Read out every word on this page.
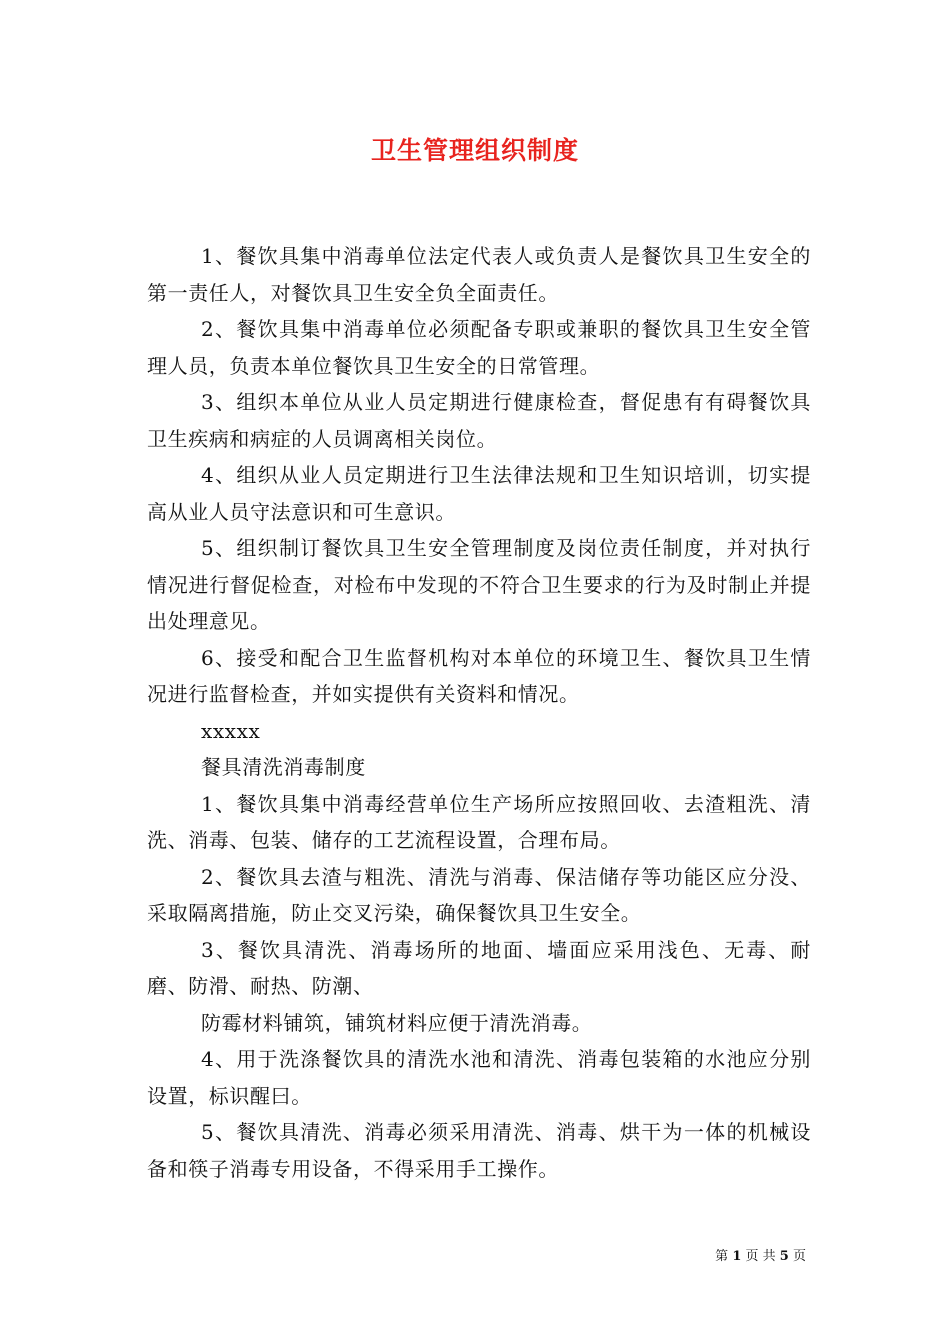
卫生管理组织制度

1、餐饮具集中消毒单位法定代表人或负责人是餐饮具卫生安全的第一责任人，对餐饮具卫生安全负全面责任。

2、餐饮具集中消毒单位必须配备专职或兼职的餐饮具卫生安全管理人员，负责本单位餐饮具卫生安全的日常管理。

3、组织本单位从业人员定期进行健康检查，督促患有有碍餐饮具卫生疾病和病症的人员调离相关岗位。

4、组织从业人员定期进行卫生法律法规和卫生知识培训，切实提高从业人员守法意识和可生意识。

5、组织制订餐饮具卫生安全管理制度及岗位责任制度，并对执行情况进行督促检查，对检布中发现的不符合卫生要求的行为及时制止并提出处理意见。

6、接受和配合卫生监督机构对本单位的环境卫生、餐饮具卫生情况进行监督检查，并如实提供有关资料和情况。

xxxxx

餐具清洗消毒制度

1、餐饮具集中消毒经营单位生产场所应按照回收、去渣粗洗、清洗、消毒、包装、储存的工艺流程设置，合理布局。

2、餐饮具去渣与粗洗、清洗与消毒、保洁储存等功能区应分没、采取隔离措施，防止交叉污染，确保餐饮具卫生安全。

3、餐饮具清洗、消毒场所的地面、墙面应采用浅色、无毒、耐磨、防滑、耐热、防潮、

防霉材料铺筑，铺筑材料应便于清洗消毒。

4、用于洗涤餐饮具的清洗水池和清洗、消毒包装箱的水池应分别设置，标识醒曰。

5、餐饮具清洗、消毒必须采用清洗、消毒、烘干为一体的机械设备和筷子消毒专用设备，不得采用手工操作。

第 1 页 共 5 页
